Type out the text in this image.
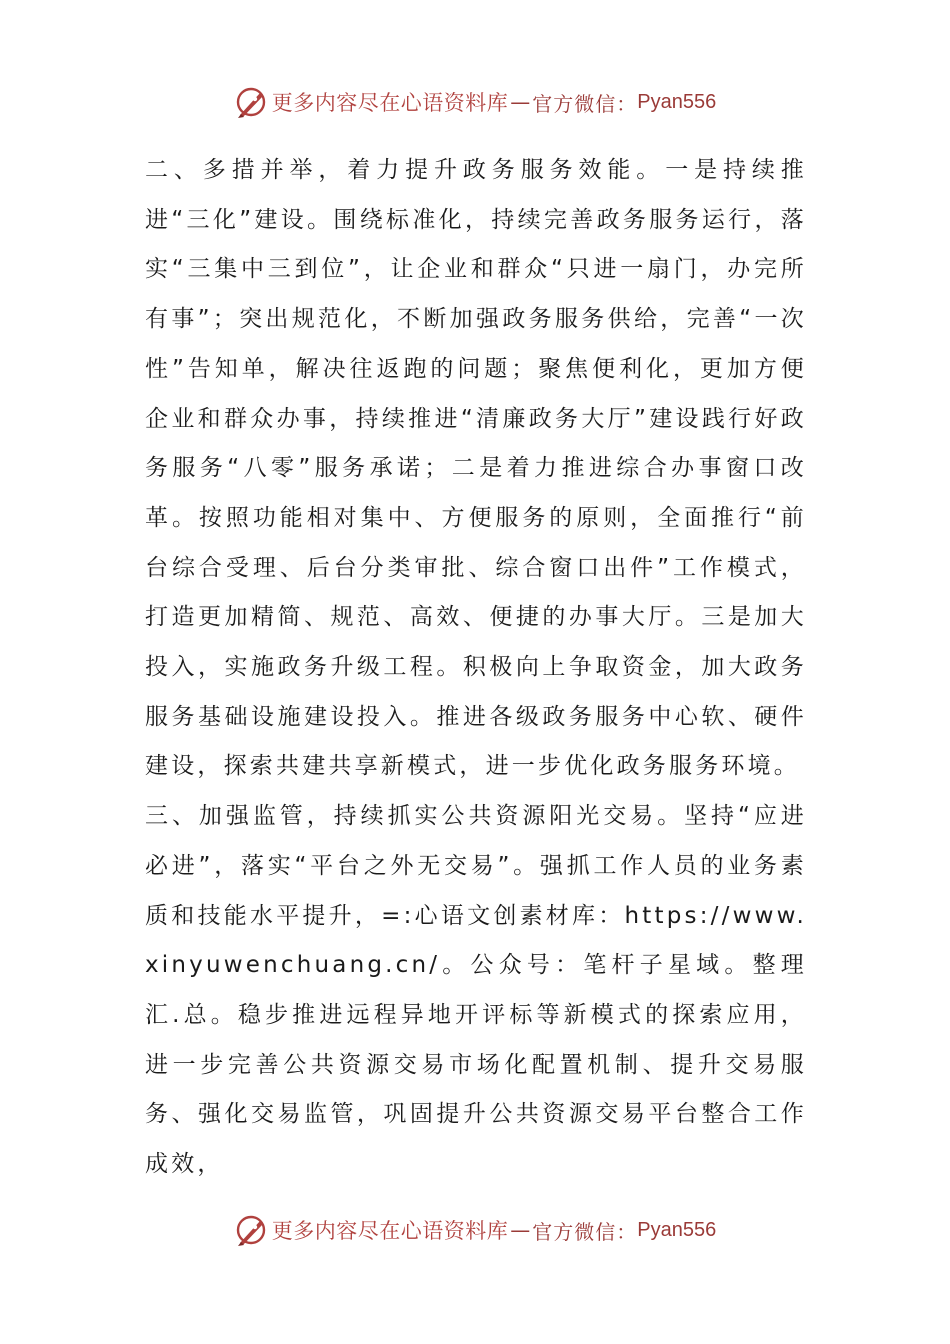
更多内容尽在心语资料库 — 官方微信： Pyan556

二、多措并举，着力提升政务服务效能。一是持续推进“三化”建设。围绕标准化，持续完善政务服务运行，落实“三集中三到位”，让企业和群众“只进一扇门，办完所有事”；突出规范化，不断加强政务服务供给，完善“一次性”告知单，解决往返跑的问题；聚焦便利化，更加方便企业和群众办事，持续推进“清廉政务大厅”建设践行好政务服务“八零”服务承诺；二是着力推进综合办事窗口改革。按照功能相对集中、方便服务的原则，全面推行“前台综合受理、后台分类审批、综合窗口出件”工作模式，打造更加精简、规范、高效、便捷的办事大厅。三是加大投入，实施政务升级工程。积极向上争取资金，加大政务服务基础设施建设投入。推进各级政务服务中心软、硬件建设，探索共建共享新模式，进一步优化政务服务环境。

三、加强监管，持续抓实公共资源阳光交易。坚持“应进必进”，落实“平台之外无交易”。强抓工作人员的业务素质和技能水平提升，=:心语文创素材库：https://www.xinyuwenchuang.cn/。公众号：笔杆子星域。整理汇.总。稳步推进远程异地开评标等新模式的探索应用，进一步完善公共资源交易市场化配置机制、提升交易服务、强化交易监管，巩固提升公共资源交易平台整合工作成效，

更多内容尽在心语资料库 — 官方微信： Pyan556
